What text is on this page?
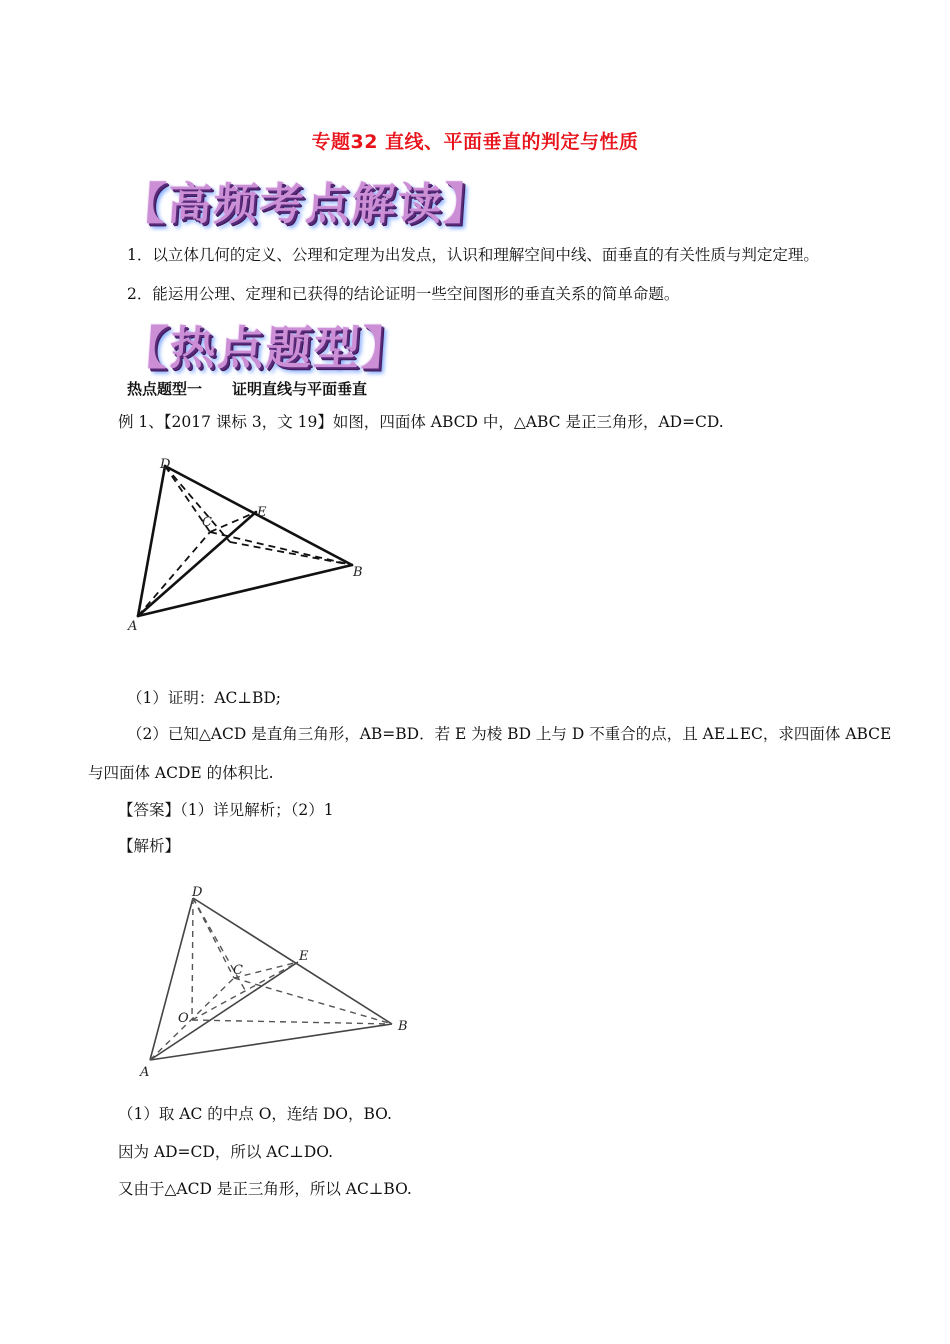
专题32 直线、平面垂直的判定与性质
【高频考点解读】
1．以立体几何的定义、公理和定理为出发点，认识和理解空间中线、面垂直的有关性质与判定定理。
2．能运用公理、定理和已获得的结论证明一些空间图形的垂直关系的简单命题。
【热点题型】
热点题型一　　证明直线与平面垂直
例 1、【2017 课标 3，文 19】如图，四面体 ABCD 中，△ABC 是正三角形，AD=CD.
D
C
E
B
A
（1）证明：AC⊥BD;
（2）已知△ACD 是直角三角形，AB=BD．若 E 为棱 BD 上与 D 不重合的点，且 AE⊥EC，求四面体 ABCE
与四面体 ACDE 的体积比.
【答案】（1）详见解析；（2）1
【解析】
D
C
E
B
A
O
（1）取 AC 的中点 O，连结 DO，BO.
因为 AD=CD，所以 AC⊥DO.
又由于△ACD 是正三角形，所以 AC⊥BO.
